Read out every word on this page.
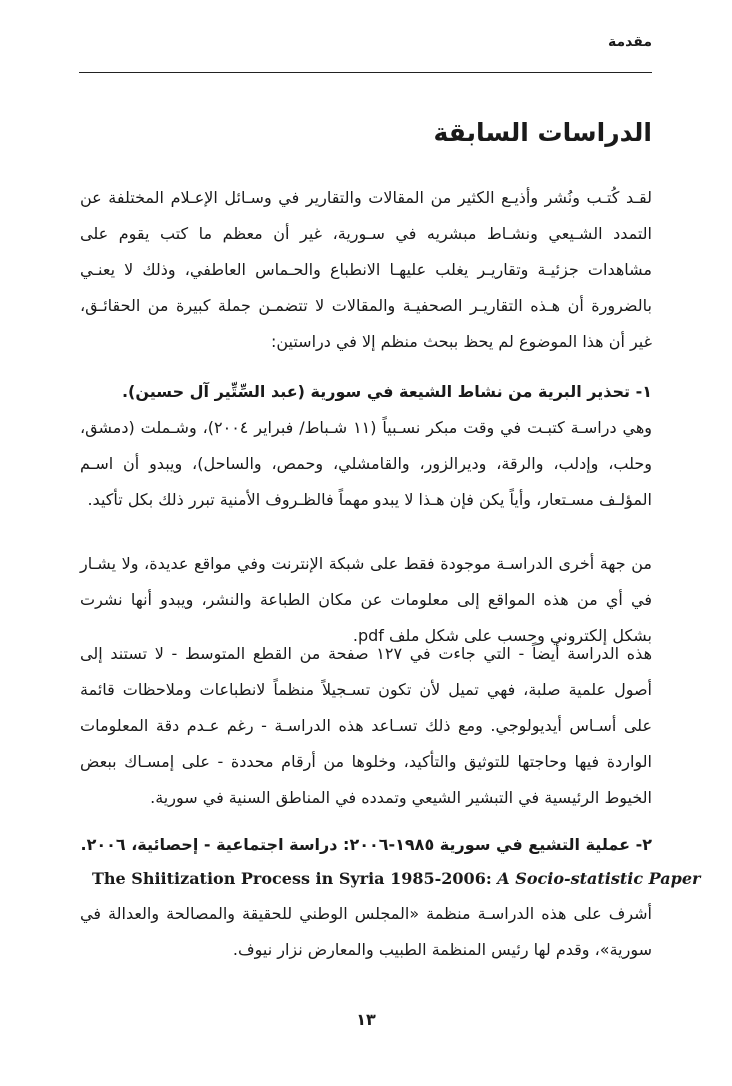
مقدمة
الدراسات السابقة

لقـد كُتـب ونُشر وأذيـع الكثير من المقالات والتقارير في وسـائل الإعـلام المختلفة عن التمدد الشـيعي ونشـاط مبشريه في سـورية، غير أن معظم ما كتب يقوم على مشاهدات جزئيـة وتقاريـر يغلب عليهـا الانطباع والحـماس العاطفي، وذلك لا يعنـي بالضرورة أن هـذه التقاريـر الصحفيـة والمقالات لا تتضمـن جملة كبيرة من الحقائـق، غير أن هذا الموضوع لم يحظ ببحث منظم إلا في دراستين:

١- تحذير البرية من نشاط الشيعة في سورية (عبد السِّتِّير آل حسين).

وهي دراسـة كتبـت في وقت مبكر نسـبياً (١١ شـباط/ فبراير ٢٠٠٤)، وشـملت (دمشق، وحلب، وإدلب، والرقة، وديرالزور، والقامشلي، وحمص، والساحل)، ويبدو أن اسـم المؤلـف مسـتعار، وأياً يكن فإن هـذا لا يبدو مهماً فالظـروف الأمنية تبرر ذلك بكل تأكيد.

من جهة أخرى الدراسـة موجودة فقط على شبكة الإنترنت وفي مواقع عديدة، ولا يشـار في أي من هذه المواقع إلى معلومات عن مكان الطباعة والنشر، ويبدو أنها نشرت بشكل إلكتروني وحسب على شكل ملف pdf.

هذه الدراسة أيضاً - التي جاءت في ١٢٧ صفحة من القطع المتوسط - لا تستند إلى أصول علمية صلبة، فهي تميل لأن تكون تسـجيلاً منظماً لانطباعات وملاحظات قائمة على أسـاس أيديولوجي. ومع ذلك تسـاعد هذه الدراسـة - رغم عـدم دقة المعلومات الواردة فيها وحاجتها للتوثيق والتأكيد، وخلوها من أرقام محددة - على إمسـاك ببعض الخيوط الرئيسية في التبشير الشيعي وتمدده في المناطق السنية في سورية.

٢- عملية التشيع في سورية ١٩٨٥-٢٠٠٦: دراسة اجتماعية - إحصائية، ٢٠٠٦.

The Shiitization Process in Syria 1985-2006: A Socio-statistic Paper

أشرف على هذه الدراسـة منظمة «المجلس الوطني للحقيقة والمصالحة والعدالة في سورية»، وقدم لها رئيس المنظمة الطبيب والمعارض نزار نيوف.

١٣
